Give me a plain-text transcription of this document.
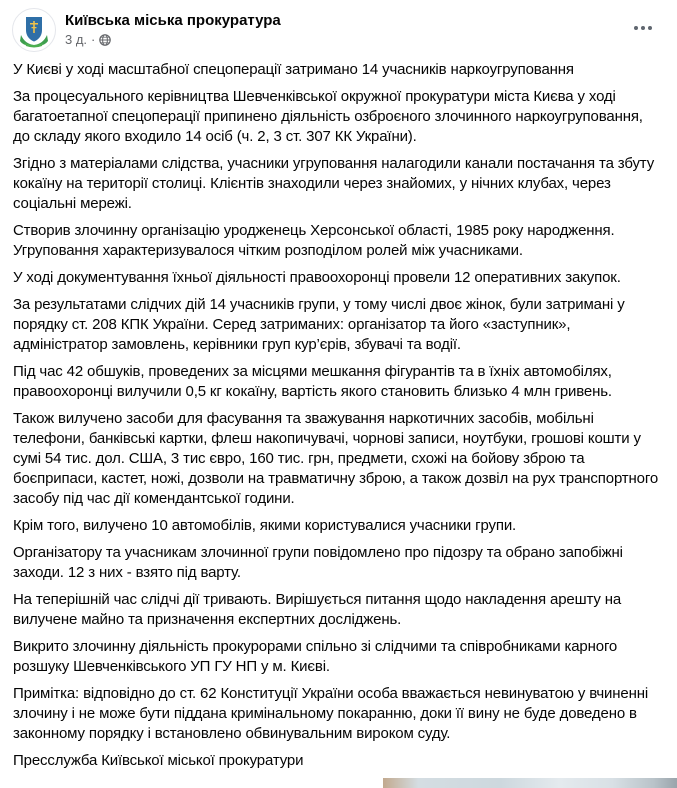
Київська міська прокуратура
3 д. ·

У Києві у ході масштабної спецоперації затримано 14 учасників наркоугруповання

За процесуального керівництва Шевченківської окружної прокуратури міста Києва у ході багатоетапної спецоперації припинено діяльність озброєного злочинного наркоугруповання, до складу якого входило 14 осіб (ч. 2, 3 ст. 307 КК України).

Згідно з матеріалами слідства, учасники угруповання налагодили канали постачання та збуту кокаїну на території столиці. Клієнтів знаходили через знайомих, у нічних клубах, через соціальні мережі.

Створив злочинну організацію уродженець Херсонської області, 1985 року народження. Угруповання характеризувалося чітким розподілом ролей між учасниками.

У ході документування їхньої діяльності правоохоронці провели 12 оперативних закупок.

За результатами слідчих дій 14 учасників групи, у тому числі двоє жінок, були затримані у порядку ст. 208 КПК України. Серед затриманих: організатор та його «заступник», адміністратор замовлень, керівники груп кур’єрів, збувачі та водії.

Під час 42 обшуків, проведених за місцями мешкання фігурантів та в їхніх автомобілях, правоохоронці вилучили 0,5 кг кокаїну, вартість якого становить близько 4 млн гривень.

Також вилучено засоби для фасування та зважування наркотичних засобів, мобільні телефони, банківські картки, флеш накопичувачі, чорнові записи, ноутбуки, грошові кошти у сумі 54 тис. дол. США, 3 тис євро, 160 тис. грн, предмети, схожі на бойову зброю та боєприпаси, кастет, ножі, дозволи на травматичну зброю, а також дозвіл на рух транспортного засобу під час дії комендантської години.

Крім того, вилучено 10 автомобілів, якими користувалися учасники групи.

Організатору та учасникам злочинної групи повідомлено про підозру та обрано запобіжні заходи. 12 з них - взято під варту.

На теперішній час слідчі дії тривають. Вирішується питання щодо накладення арешту на вилучене майно та призначення експертних досліджень.

Викрито злочинну діяльність прокурорами спільно зі слідчими та співробниками карного розшуку Шевченківського УП ГУ НП у м. Києві.

Примітка: відповідно до ст. 62 Конституції України особа вважається невинуватою у вчиненні злочину і не може бути піддана кримінальному покаранню, доки її вину не буде доведено в законному порядку і встановлено обвинувальним вироком суду.

Пресслужба Київської міської прокуратури
